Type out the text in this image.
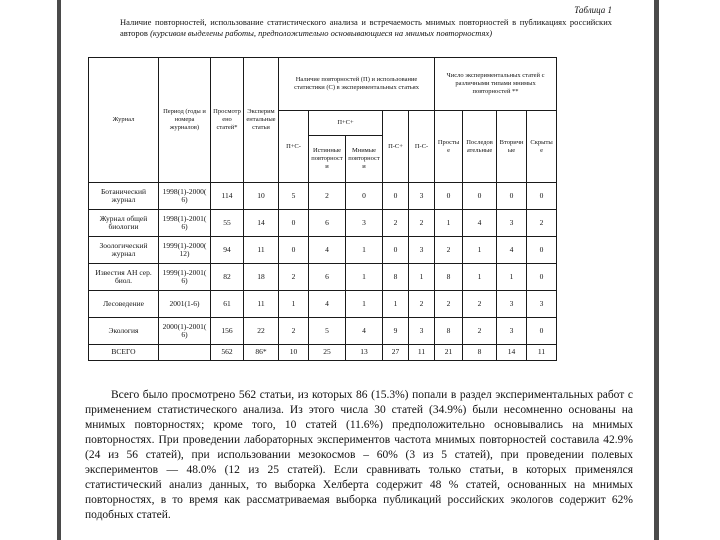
Таблица 1
Наличие повторностей, использование статистического анализа и встречаемость мнимых повторностей в публикациях российских авторов (курсивом выделены работы, предположительно основывающиеся на мнимых повторностях)
Журнал	Период (годы и номера журналов)	Просмотрено статей*	Экспериментальные статьи	Наличие повторностей (П) и использование статистики (С) в экспериментальных статьях					Число экспериментальных статей с различными типами мнимых повторностей **			
				П+С-	П+С+		П-С+	П-С-	Простые	Последовательные	Вторичные	Скрытые
					Истинные повторности	Мнимые повторности						
Ботанический журнал	1998(1)-2000(6)	114	10	5	2	0	0	3	0	0	0	0
Журнал общей биологии	1998(1)-2001(6)	55	14	0	6	3	2	2	1	4	3	2
Зоологический журнал	1999(1)-2000(12)	94	11	0	4	1	0	3	2	1	4	0
Известия АН сер. биол.	1999(1)-2001(6)	82	18	2	6	1	8	1	8	1	1	0
Лесоведение	2001(1-6)	61	11	1	4	1	1	2	2	2	3	3
Экология	2000(1)-2001(6)	156	22	2	5	4	9	3	8	2	3	0
ВСЕГО		562	86*	10	25	13	27	11	21	8	14	11

Всего было просмотрено 562 статьи, из которых 86 (15.3%) попали в раздел экспериментальных работ с применением статистического анализа. Из этого числа 30 статей (34.9%) были несомненно основаны на мнимых повторностях; кроме того, 10 статей (11.6%) предположительно основывались на мнимых повторностях. При проведении лабораторных экспериментов частота мнимых повторностей составила 42.9% (24 из 56 статей), при использовании мезокосмов – 60% (3 из 5 статей), при проведении полевых экспериментов — 48.0% (12 из 25 статей). Если сравнивать только статьи, в которых применялся статистический анализ данных, то выборка Хелберта содержит 48 % статей, основанных на мнимых повторностях, в то время как рассматриваемая выборка публикаций российских экологов содержит 62% подобных статей.
